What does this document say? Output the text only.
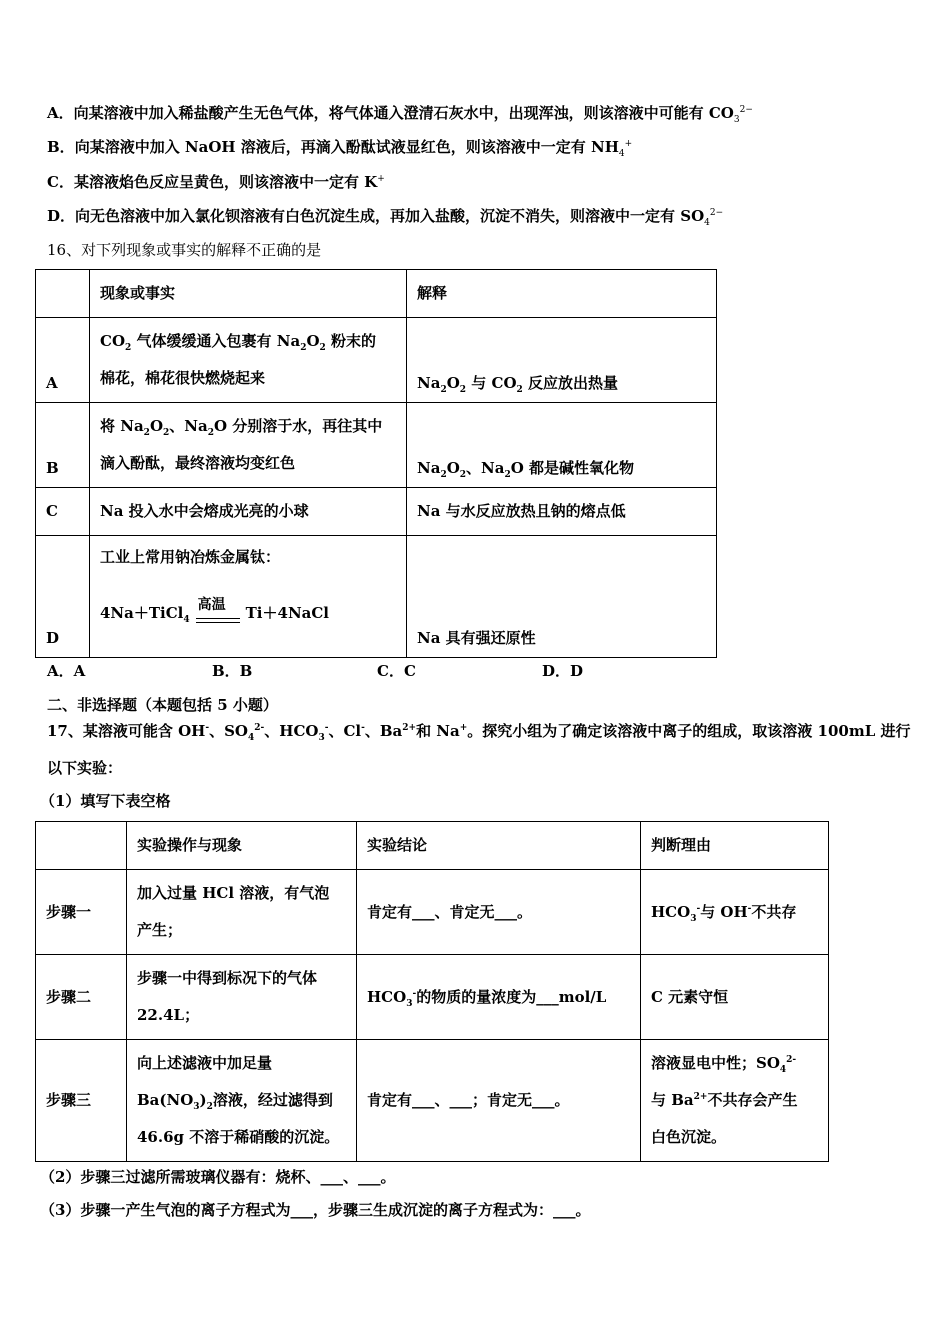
A．向某溶液中加入稀盐酸产生无色气体，将气体通入澄清石灰水中，出现浑浊，则该溶液中可能有 $CO_3^{2-}$
B．向某溶液中加入 NaOH 溶液后，再滴入酚酞试液显红色，则该溶液中一定有 $NH_4^+$
C．某溶液焰色反应呈黄色，则该溶液中一定有 K+
D．向无色溶液中加入氯化钡溶液有白色沉淀生成，再加入盐酸，沉淀不消失，则溶液中一定有 $SO_4^{2-}$
16、对下列现象或事实的解释不正确的是
	现象或事实	解释
A	$CO_2$ 气体缓缓通入包裹有 $Na_2O_2$ 粉末的
棉花，棉花很快燃烧起来	$Na_2O_2$ 与 $CO_2$ 反应放出热量
B	将 $Na_2O_2$、$Na_2O$ 分别溶于水，再往其中
滴入酚酞，最终溶液均变红色	$Na_2O_2$、$Na_2O$ 都是碱性氧化物
C	Na 投入水中会熔成光亮的小球	Na 与水反应放热且钠的熔点低
D	工业上常用钠冶炼金属钛：
4Na＋TiCl$_4$
高温 Ti＋4NaCl	Na 具有强还原性
A．A	B．B	C．C	D．D
二、非选择题（本题包括 5 小题）
17、某溶液可能含 OH-、$SO_4^{2-}$、$HCO_3^-$、Cl-、$Ba^{2+}$和 Na+。探究小组为了确定该溶液中离子的组成，取该溶液 100mL 进行
以下实验：
（1）填写下表空格
	实验操作与现象	实验结论	判断理由
步骤一	加入过量 HCl 溶液，有气泡
产生；	肯定有___、肯定无___。	$HCO_3^-$与 OH-不共存
步骤二	步骤一中得到标况下的气体
22.4L；	$HCO_3^-$的物质的量浓度为___mol/L	C 元素守恒
步骤三	向上述滤液中加足量
$Ba(NO_3)_2$溶液，经过滤得到
46.6g 不溶于稀硝酸的沉淀。	肯定有___、___；肯定无___。	溶液显电中性；$SO_4^{2-}$
与 $Ba^{2+}$不共存会产生
白色沉淀。
（2）步骤三过滤所需玻璃仪器有：烧杯、___、___。
（3）步骤一产生气泡的离子方程式为___，步骤三生成沉淀的离子方程式为：___。
